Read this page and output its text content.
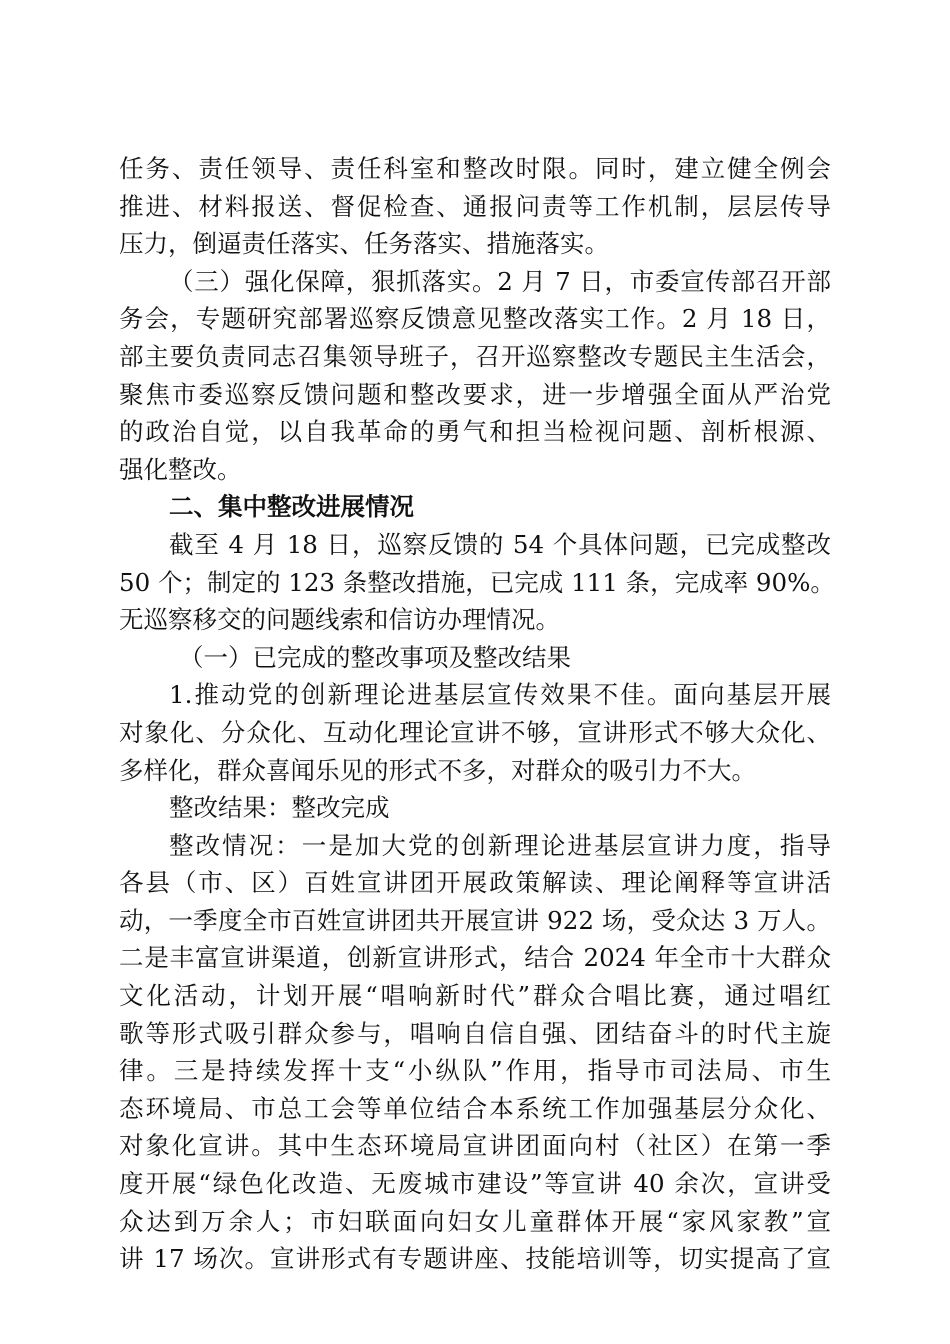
任务、责任领导、责任科室和整改时限。同时，建立健全例会
推进、材料报送、督促检查、通报问责等工作机制，层层传导
压力，倒逼责任落实、任务落实、措施落实。
（三）强化保障，狠抓落实。2 月 7 日，市委宣传部召开部
务会，专题研究部署巡察反馈意见整改落实工作。2 月 18 日，
部主要负责同志召集领导班子，召开巡察整改专题民主生活会，
聚焦市委巡察反馈问题和整改要求，进一步增强全面从严治党
的政治自觉，以自我革命的勇气和担当检视问题、剖析根源、
强化整改。
二、集中整改进展情况
截至 4 月 18 日，巡察反馈的 54 个具体问题，已完成整改
50 个；制定的 123 条整改措施，已完成 111 条，完成率 90%。
无巡察移交的问题线索和信访办理情况。
（一）已完成的整改事项及整改结果
1.推动党的创新理论进基层宣传效果不佳。面向基层开展
对象化、分众化、互动化理论宣讲不够，宣讲形式不够大众化、
多样化，群众喜闻乐见的形式不多，对群众的吸引力不大。
整改结果：整改完成
整改情况：一是加大党的创新理论进基层宣讲力度，指导
各县（市、区）百姓宣讲团开展政策解读、理论阐释等宣讲活
动，一季度全市百姓宣讲团共开展宣讲 922 场，受众达 3 万人。
二是丰富宣讲渠道，创新宣讲形式，结合 2024 年全市十大群众
文化活动，计划开展“唱响新时代”群众合唱比赛，通过唱红
歌等形式吸引群众参与，唱响自信自强、团结奋斗的时代主旋
律。三是持续发挥十支“小纵队”作用，指导市司法局、市生
态环境局、市总工会等单位结合本系统工作加强基层分众化、
对象化宣讲。其中生态环境局宣讲团面向村（社区）在第一季
度开展“绿色化改造、无废城市建设”等宣讲 40 余次，宣讲受
众达到万余人；市妇联面向妇女儿童群体开展“家风家教”宣
讲 17 场次。宣讲形式有专题讲座、技能培训等，切实提高了宣
